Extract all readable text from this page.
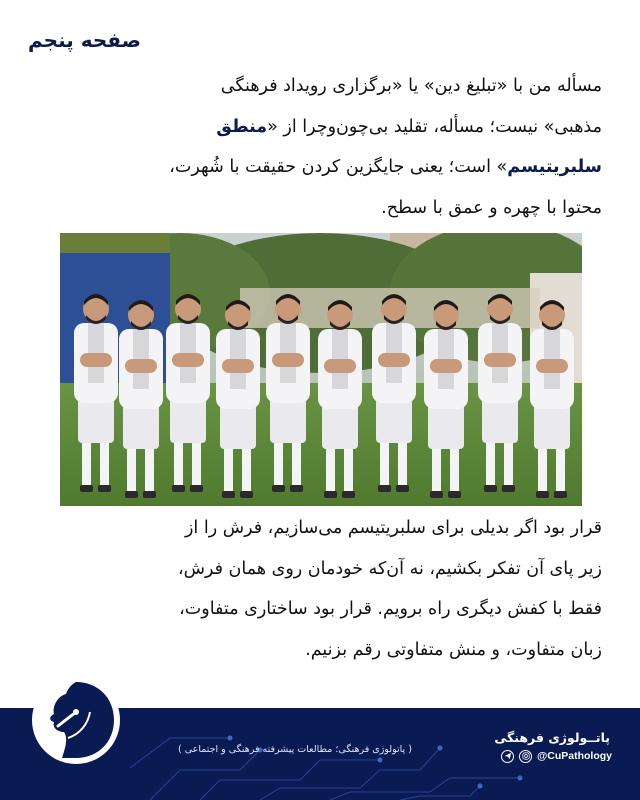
صفحه پنجم
مسأله من با «تبلیغ دین» یا «برگزاری رویداد فرهنگی
مذهبی» نیست؛ مسأله، تقلید بی‌چون‌وچرا از «منطق
سلبریتیسم» است؛ یعنی جایگزین کردن حقیقت با شُهرت،
محتوا با چهره و عمق با سطح.
قرار بود اگر بدیلی برای سلبریتیسم می‌سازیم، فرش را از
زیر پای آن تفکر بکشیم، نه آن‌که خودمان روی همان فرش،
فقط با کفش دیگری راه برویم. قرار بود ساختاری متفاوت،
زبان متفاوت، و منش متفاوتی رقم بزنیم.
پاتــولوژی فرهنگی
( پاتولوژی فرهنگی؛ مطالعات پیشرفته فرهنگی و اجتماعی )
@CuPathology
